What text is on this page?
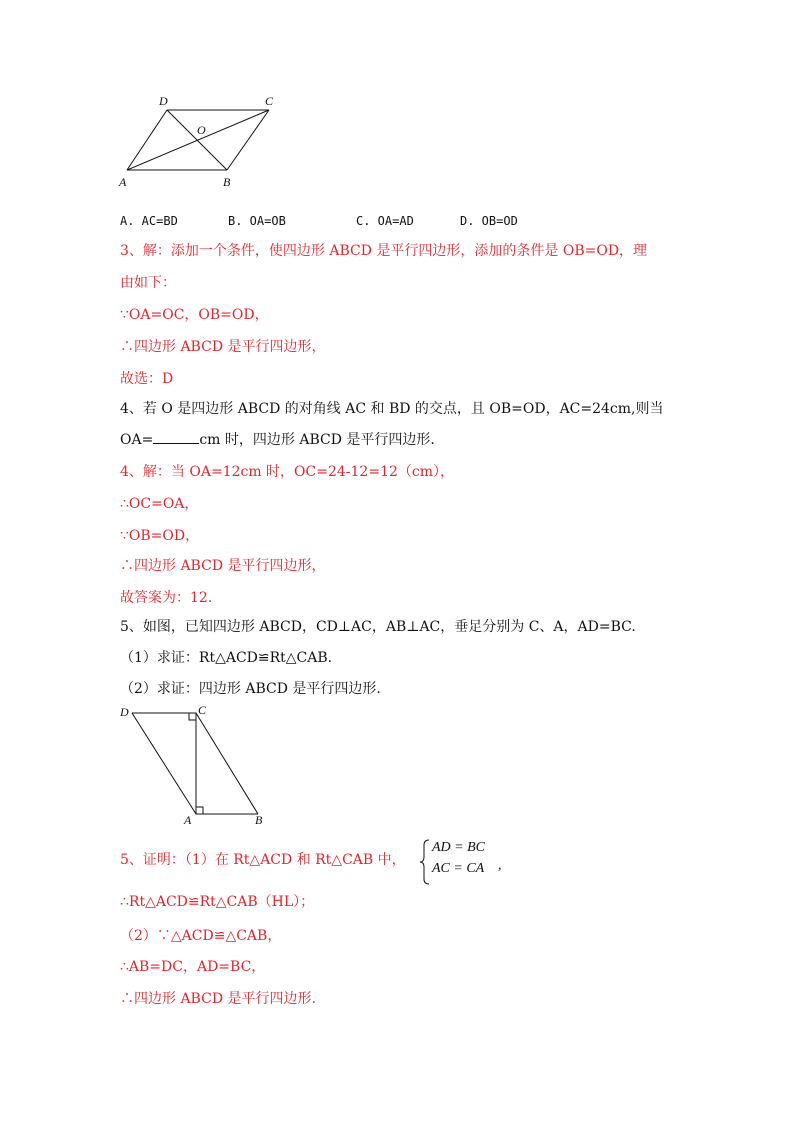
A	B
C
D
O
A. AC=BD	B. OA=OB	C. OA=AD	D. OB=OD
3、解：添加一个条件，使四边形 ABCD 是平行四边形，添加的条件是 OB=OD，理
由如下：
∵OA=OC，OB=OD，
∴四边形 ABCD 是平行四边形，
故选：D
4、若 O 是四边形 ABCD 的对角线 AC 和 BD 的交点，且 OB=OD，AC=24cm,则当
OA=	cm 时，四边形 ABCD 是平行四边形.
4、解：当 OA=12cm 时，OC=24-12=12（cm），
∴OC=OA，
∵OB=OD，
∴四边形 ABCD 是平行四边形，
故答案为：12.
5、如图，已知四边形 ABCD，CD⊥AC，AB⊥AC，垂足分别为 C、A，AD=BC.
（1）求证：Rt△ACD≌Rt△CAB.
（2）求证：四边形 ABCD 是平行四边形.
D	C
A	B
5、证明：（1）在 Rt△ACD 和 Rt△CAB 中，
AD = BC
AC = CA ,
∴Rt△ACD≌Rt△CAB（HL）；
（2）∵△ACD≌△CAB，
∴AB=DC，AD=BC，
∴四边形 ABCD 是平行四边形.
